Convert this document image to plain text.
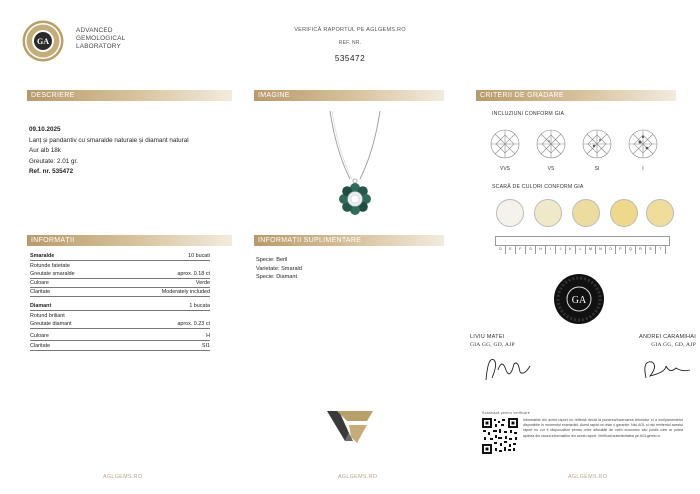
GA
ADVANCED
GEMOLOGICAL
LABORATORY
VERIFICĂ RAPORTUL PE AGLGEMS.RO
REF. NR.
535472
DESCRIERE	IMAGINE	CRITERII DE GRADARE
INFORMAȚII	INFORMAȚII SUPLIMENTARE
09.10.2025
Lanț și pandantiv cu smaralde naturale și diamant natural
Aur alb 18k
Greutate: 2.01 gr.
Ref. nr. 535472
Smaralde	10 bucati
Rotunde fatetate
Greutate smaralde	aprox. 0.18 ct
Culoare	Verde
Claritate	Moderately included
Diamant	1 bucata
Rotund briliant
Greutate diamant	aprox. 0.23 ct
Culoare	H
Claritate	SI1
Specie: Beril
Varietate: Smarald
Specie: Diamant
INCLUZIUNI CONFORM GIA
VVS	VS	SI	I
SCARĂ DE CULORI CONFORM GIA
D E F G H I J K L M N O P Q R S T
GA
LIVIU MATEI
GIA GG, GD, AJP
ANDREI CARAMIHAI
GIA GG, GD, AJP
Scanează pentru verificare
Informațiile din acest raport nu reflectă decât la punerea/încercarea tehnicilor și a echipamentelor disponibile în momentul examinării. Acest raport nu este o garanție. Nici AGL și nici emitentul acestui raport nu vor fi răspunzători pentru orice dificultăți de ordin economic sau juridic care ar putea apărea din cauza informațiilor din acest raport. Verificați autenticitatea pe AGLgems.ro
AGLGEMS.RO	AGLGEMS.RO	AGLGEMS.RO
